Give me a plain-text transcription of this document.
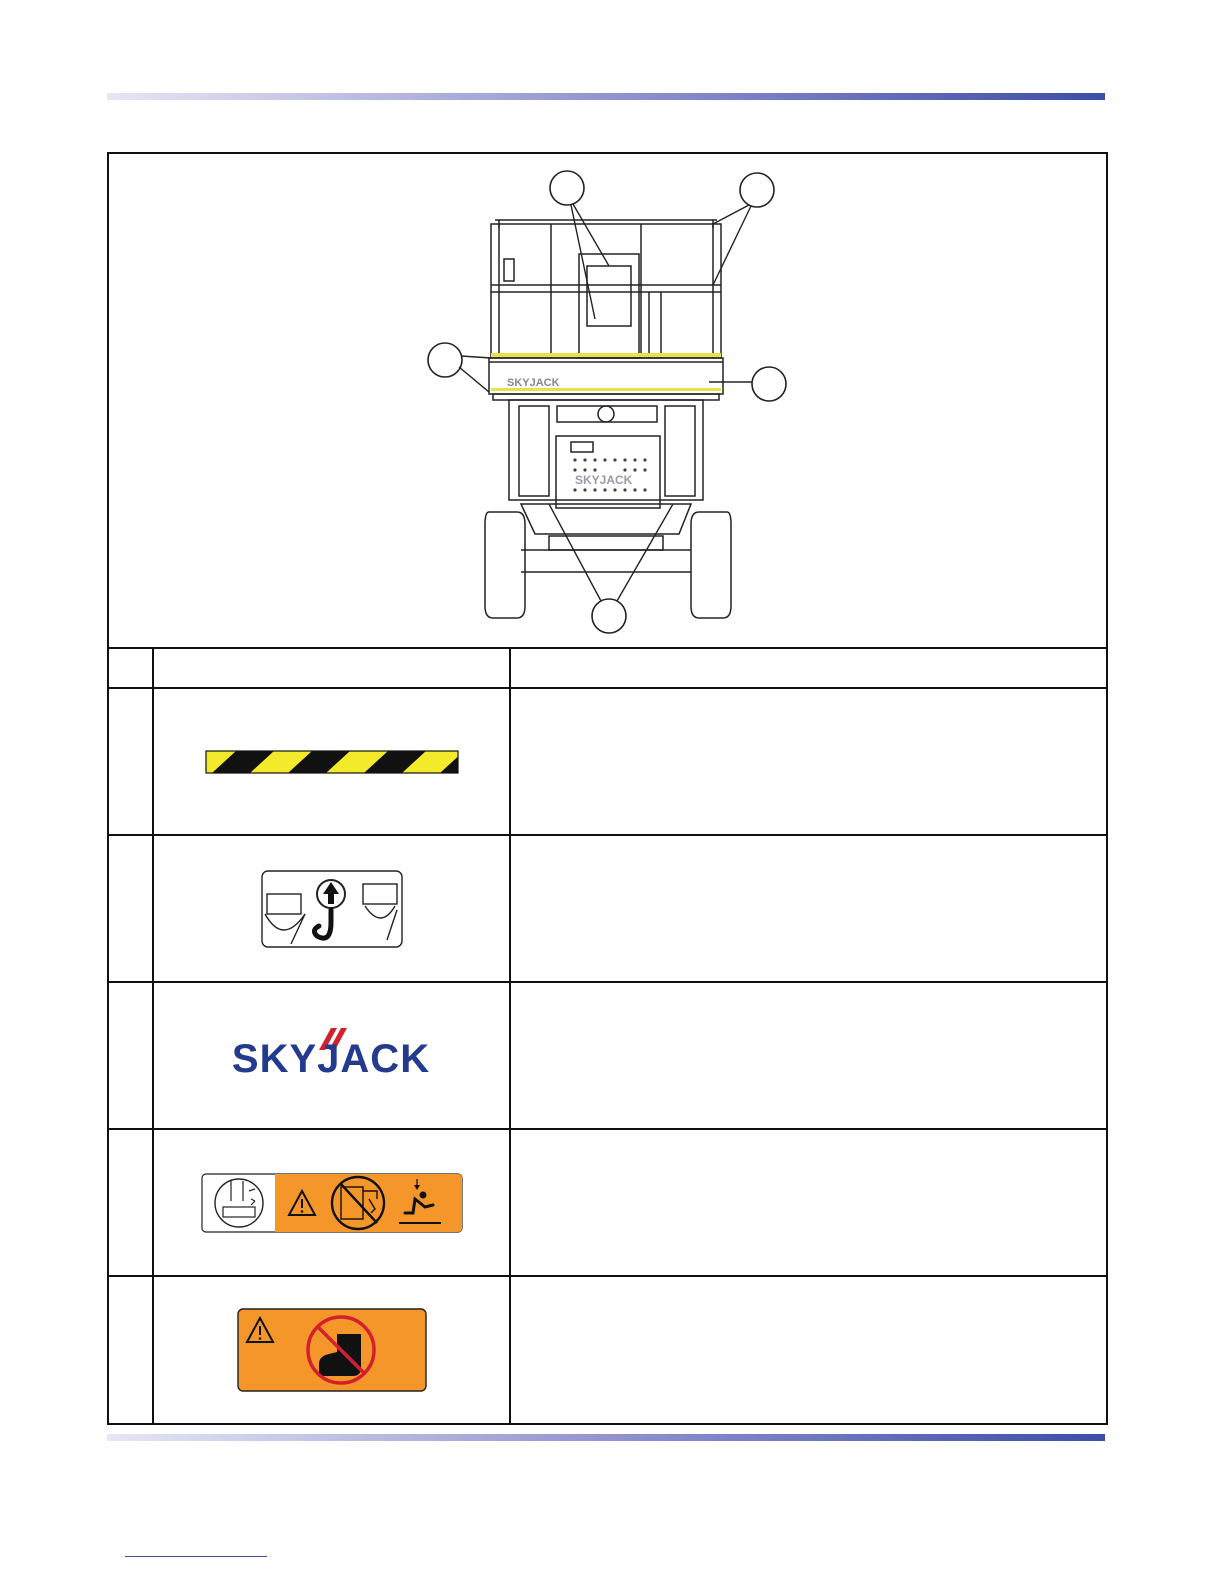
SKYJACK
SKYJACK
SKYJACK
